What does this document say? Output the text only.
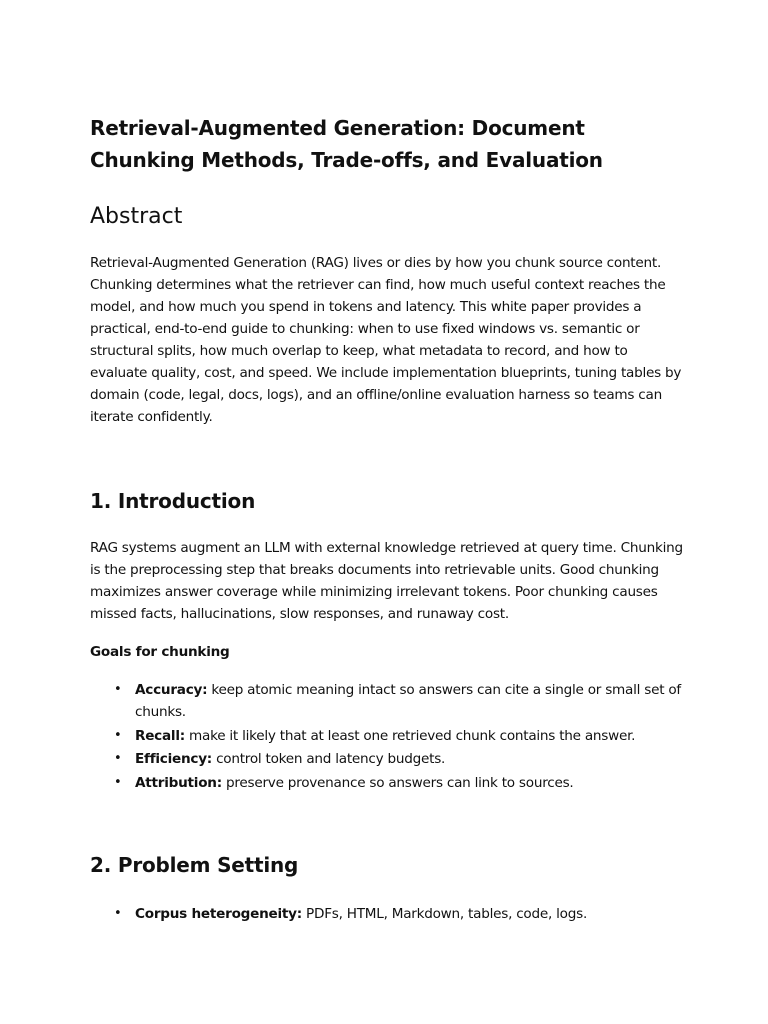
Retrieval-Augmented Generation: Document Chunking Methods, Trade-offs, and Evaluation
Abstract

Retrieval-Augmented Generation (RAG) lives or dies by how you chunk source content. Chunking determines what the retriever can find, how much useful context reaches the model, and how much you spend in tokens and latency. This white paper provides a practical, end-to-end guide to chunking: when to use fixed windows vs. semantic or structural splits, how much overlap to keep, what metadata to record, and how to evaluate quality, cost, and speed. We include implementation blueprints, tuning tables by domain (code, legal, docs, logs), and an offline/online evaluation harness so teams can iterate confidently.

1. Introduction

RAG systems augment an LLM with external knowledge retrieved at query time. Chunking is the preprocessing step that breaks documents into retrievable units. Good chunking maximizes answer coverage while minimizing irrelevant tokens. Poor chunking causes missed facts, hallucinations, slow responses, and runaway cost.

Goals for chunking

• Accuracy: keep atomic meaning intact so answers can cite a single or small set of chunks.
• Recall: make it likely that at least one retrieved chunk contains the answer.
• Efficiency: control token and latency budgets.
• Attribution: preserve provenance so answers can link to sources.
2. Problem Setting
• Corpus heterogeneity: PDFs, HTML, Markdown, tables, code, logs.
